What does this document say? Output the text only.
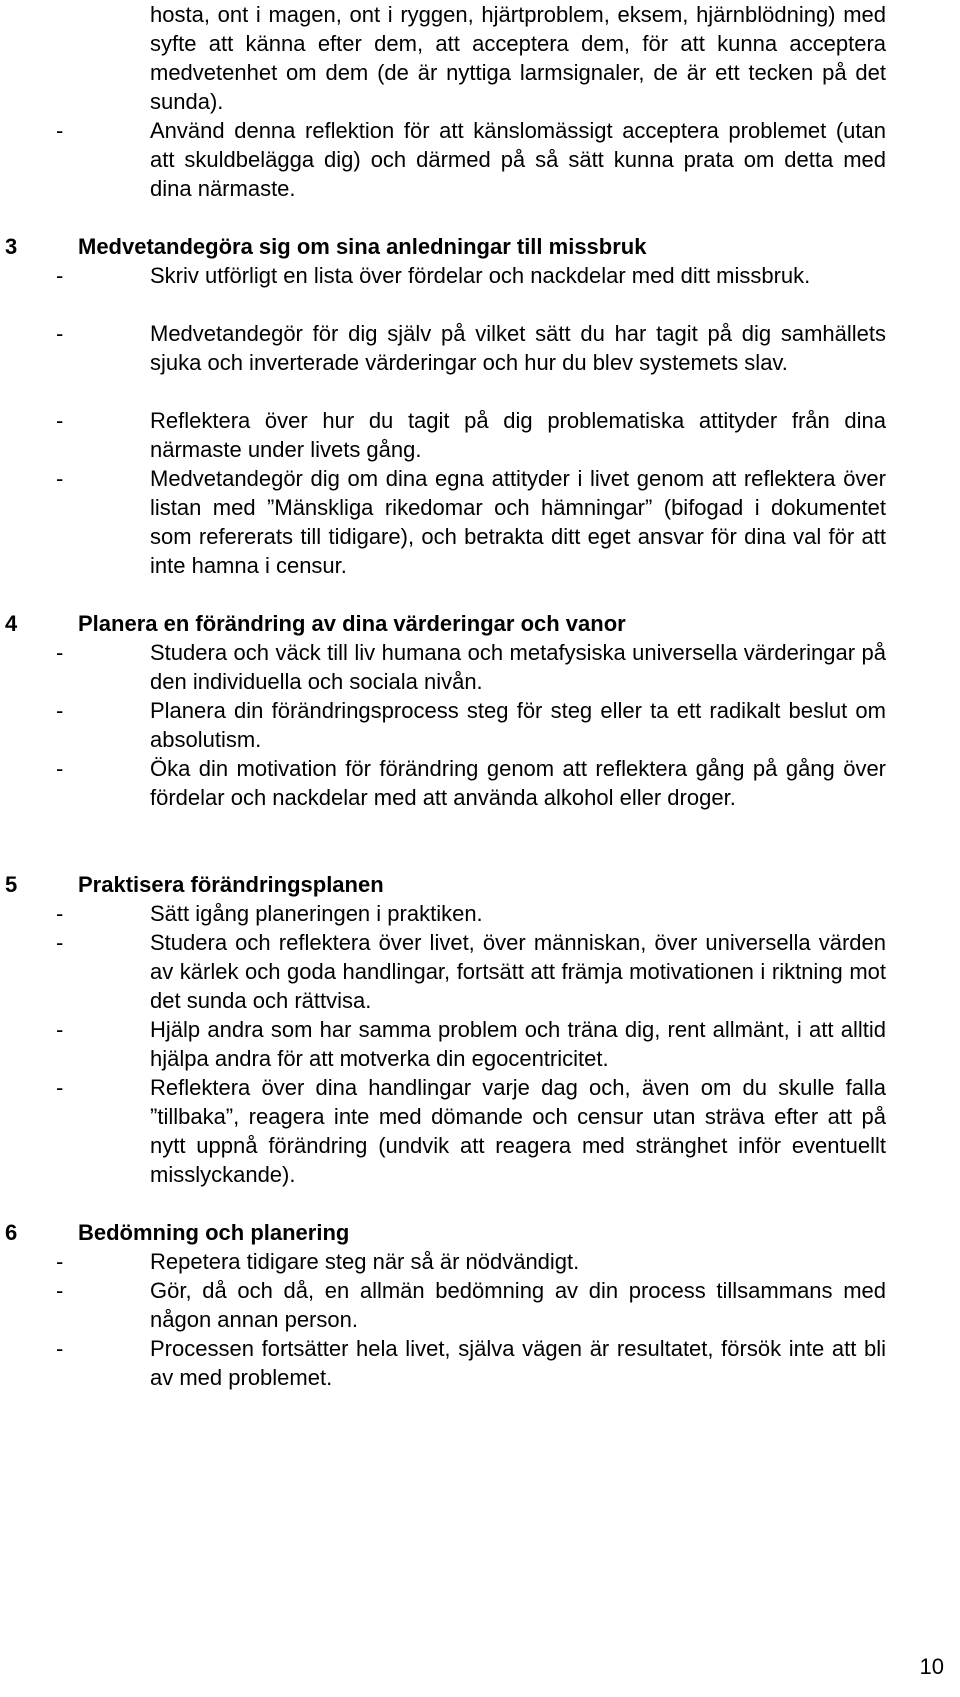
hosta, ont i magen, ont i ryggen, hjärtproblem, eksem, hjärnblödning) med syfte att känna efter dem, att acceptera dem, för att kunna acceptera medvetenhet om dem (de är nyttiga larmsignaler, de är ett tecken på det sunda).
-	Använd denna reflektion för att känslomässigt acceptera problemet (utan att skuldbelägga dig) och därmed på så sätt kunna prata om detta med dina närmaste.
3	Medvetandegöra sig om sina anledningar till missbruk
-	Skriv utförligt en lista över fördelar och nackdelar med ditt missbruk.
-	Medvetandegör för dig själv på vilket sätt du har tagit på dig samhällets sjuka och inverterade värderingar och hur du blev systemets slav.
-	Reflektera över hur du tagit på dig problematiska attityder från dina närmaste under livets gång.
-	Medvetandegör dig om dina egna attityder i livet genom att reflektera över listan med ”Mänskliga rikedomar och hämningar” (bifogad i dokumentet som refererats till tidigare), och betrakta ditt eget ansvar för dina val för att inte hamna i censur.
4	Planera en förändring av dina värderingar och vanor
-	Studera och väck till liv humana och metafysiska universella värderingar på den individuella och sociala nivån.
-	Planera din förändringsprocess steg för steg eller ta ett radikalt beslut om absolutism.
-	Öka din motivation för förändring genom att reflektera gång på gång över fördelar och nackdelar med att använda alkohol eller droger.
5	Praktisera förändringsplanen
-	Sätt igång planeringen i praktiken.
-	Studera och reflektera över livet, över människan, över universella värden av kärlek och goda handlingar, fortsätt att främja motivationen i riktning mot det sunda och rättvisa.
-	Hjälp andra som har samma problem och träna dig, rent allmänt, i att alltid hjälpa andra för att motverka din egocentricitet.
-	Reflektera över dina handlingar varje dag och, även om du skulle falla ”tillbaka”, reagera inte med dömande och censur utan sträva efter att på nytt uppnå förändring (undvik att reagera med stränghet inför eventuellt misslyckande).
6	Bedömning och planering
-	Repetera tidigare steg när så är nödvändigt.
-	Gör, då och då, en allmän bedömning av din process tillsammans med någon annan person.
-	Processen fortsätter hela livet, själva vägen är resultatet, försök inte att bli av med problemet.
10
